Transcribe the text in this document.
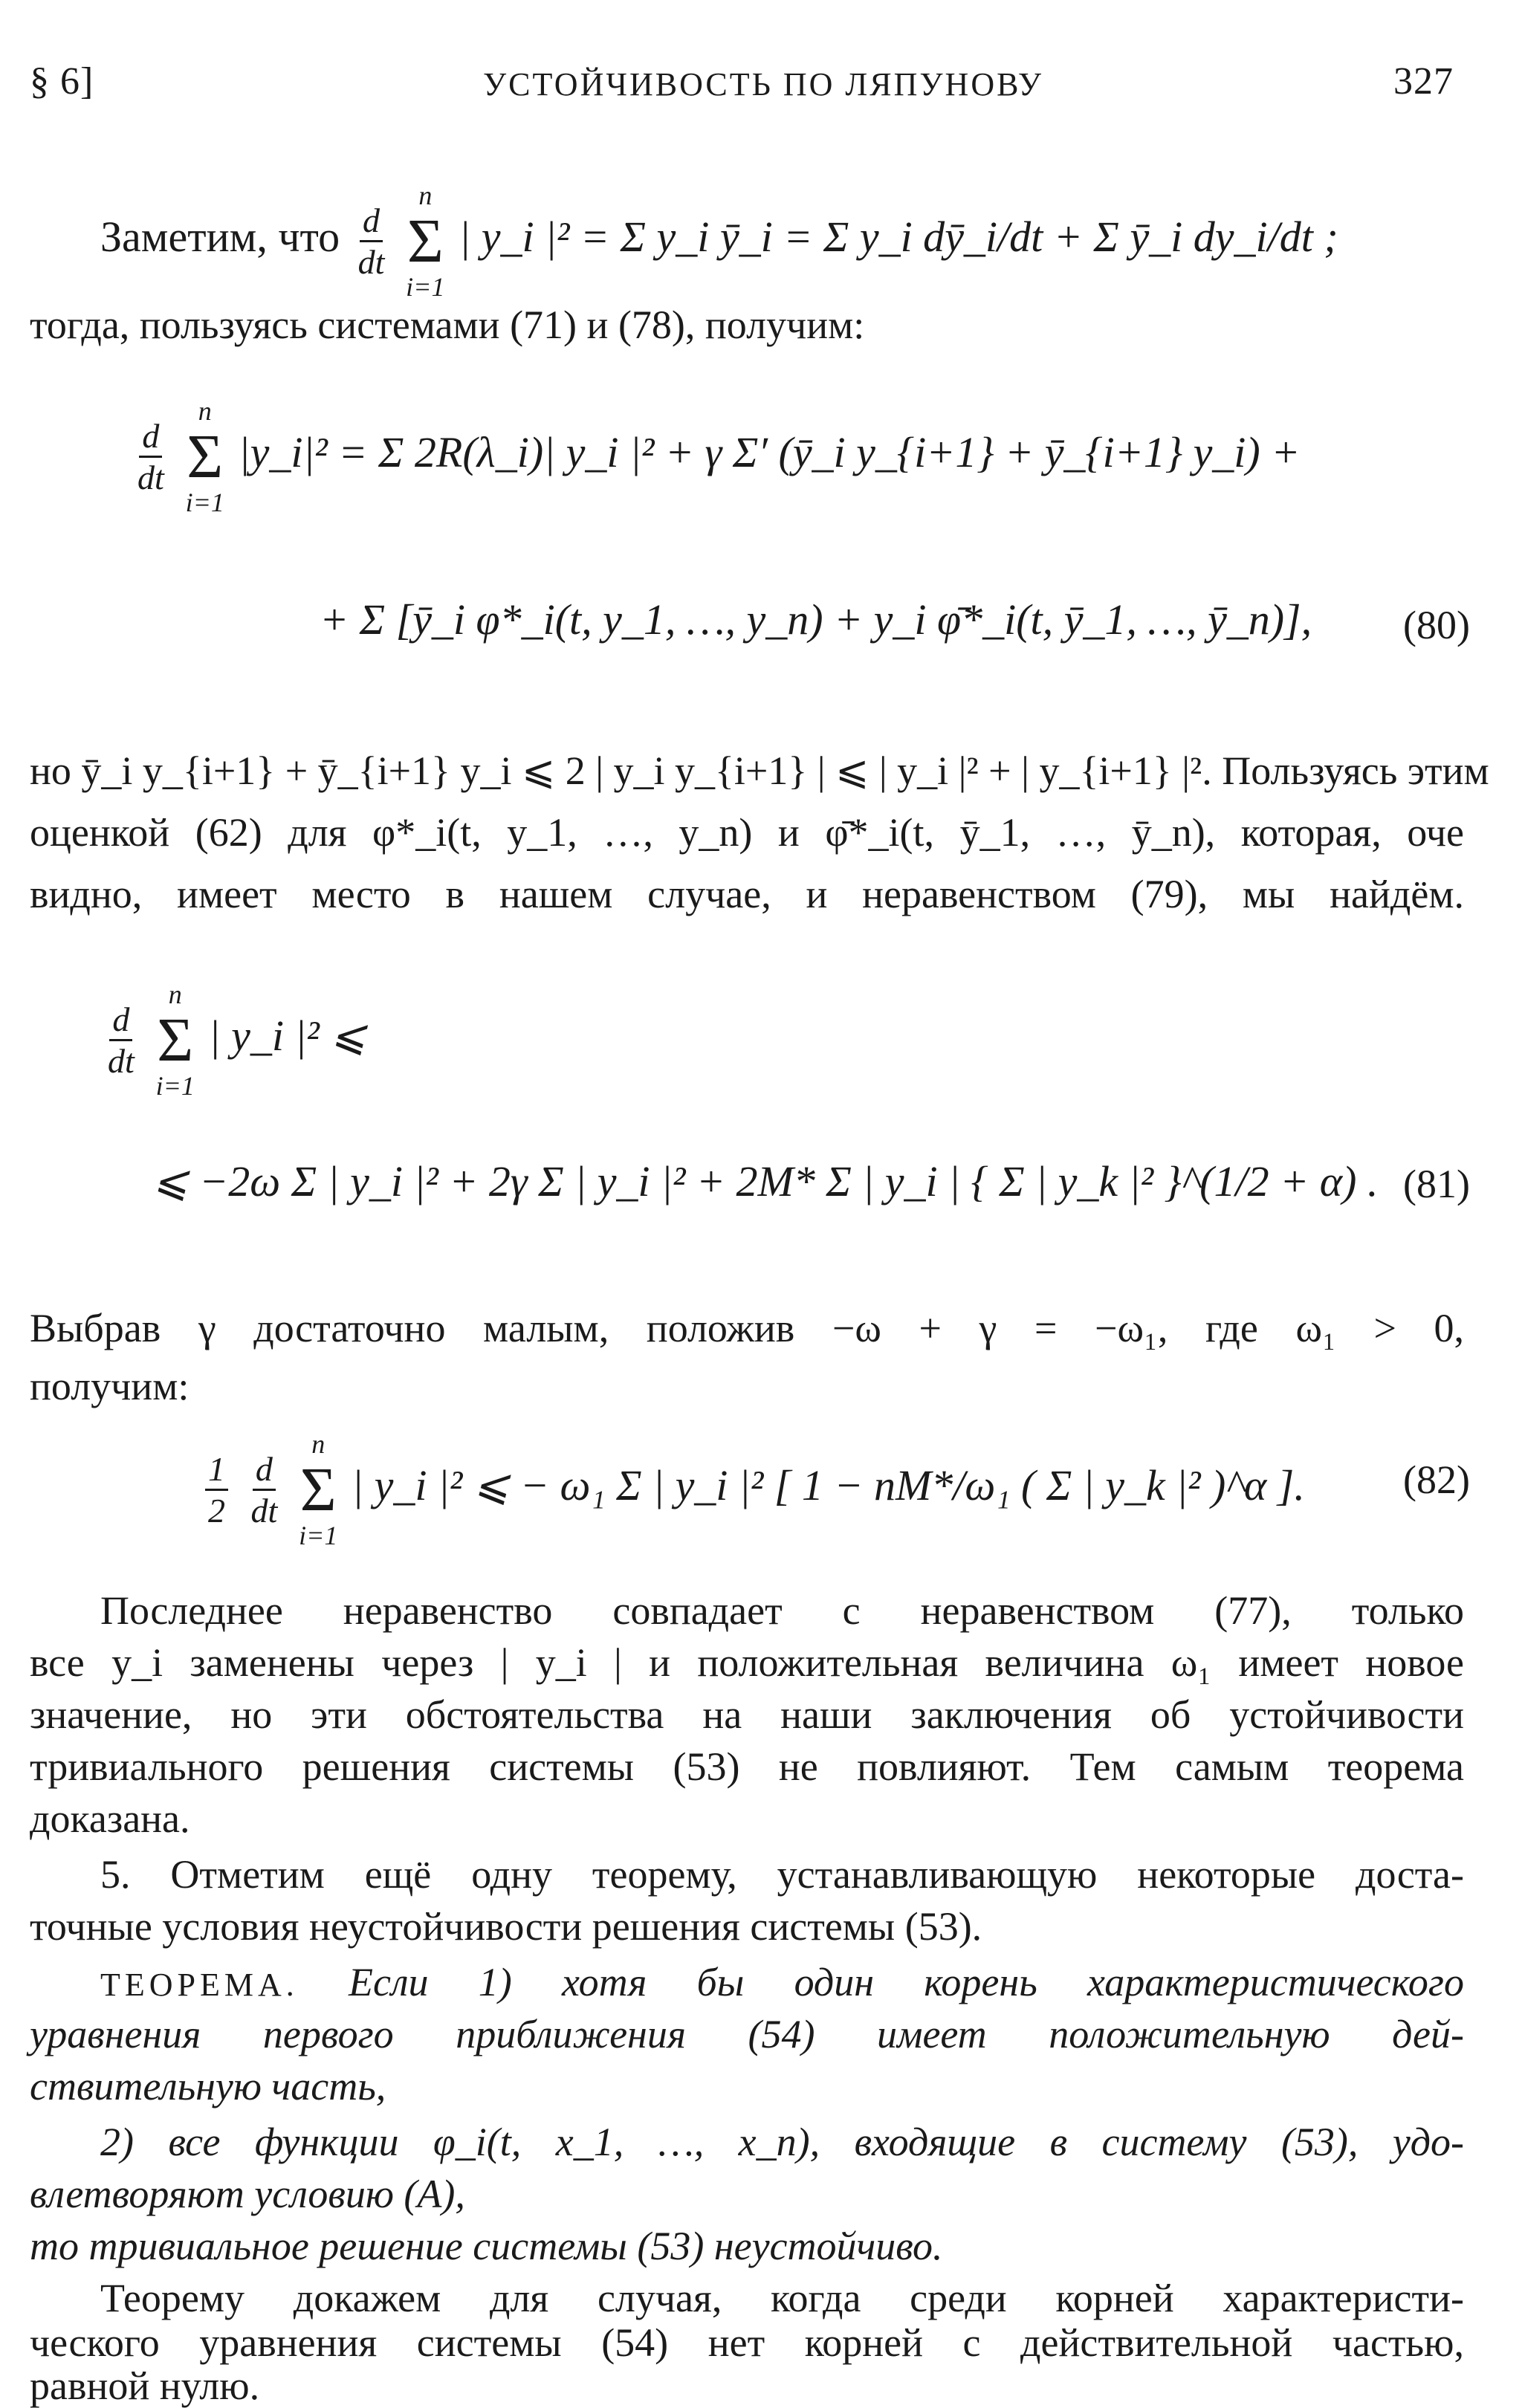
§ 6]	УСТОЙЧИВОСТЬ ПО ЛЯПУНОВУ	327
Заметим, что $\frac{d}{dt}$

n
Σ
i=1
| y_i |² = Σ y_i ȳ_i = Σ y_i dȳ_i/dt + Σ ȳ_i dy_i/dt ;
тогда, пользуясь системами (71) и (78), получим:
$\frac{d}{dt}$

n
Σ
i=1
|y_i|² = Σ 2R(λ_i)| y_i |² + γ Σ′ (ȳ_i y_{i+1} + ȳ_{i+1} y_i) +
+ Σ [ȳ_i φ*_i(t, y_1, …, y_n) + y_i φ̄*_i(t, ȳ_1, …, ȳ_n)], (80)
но ȳ_i y_{i+1} + ȳ_{i+1} y_i ⩽ 2 | y_i y_{i+1} | ⩽ | y_i |² + | y_{i+1} |². Пользуясь этим
оценкой (62) для φ*_i(t, y_1, …, y_n) и φ̄*_i(t, ȳ_1, …, ȳ_n), которая, оче
видно, имеет место в нашем случае, и неравенством (79), мы найдём.
$\frac{d}{dt}$

n
Σ
i=1
| y_i |² ⩽
⩽ −2ω Σ | y_i |² + 2γ Σ | y_i |² + 2M* Σ | y_i | { Σ | y_k |² }^(1/2 + α) . (81)
Выбрав γ достаточно малым, положив −ω + γ = −ω₁, где ω₁ > 0,
получим:
$\frac{1}{2}$
$\frac{d}{dt}$

n
Σ
i=1
| y_i |² ⩽ − ω₁ Σ | y_i |² [ 1 − nM*/ω₁ ( Σ | y_k |² )^α ]. (82)
Последнее неравенство совпадает с неравенством (77), только
все y_i заменены через | y_i | и положительная величина ω₁ имеет новое
значение, но эти обстоятельства на наши заключения об устойчивости
тривиального решения системы (53) не повлияют. Тем самым теорема
доказана.
5. Отметим ещё одну теорему, устанавливающую некоторые доста-
точные условия неустойчивости решения системы (53).
ТЕОРЕМА. Если 1) хотя бы один корень характеристического
уравнения первого приближения (54) имеет положительную дей-
ствительную часть,
2) все функции φ_i(t, x_1, …, x_n), входящие в систему (53), удо-
влетворяют условию (A),
то тривиальное решение системы (53) неустойчиво.
Теорему докажем для случая, когда среди корней характеристи-
ческого уравнения системы (54) нет корней с действительной частью,
равной нулю.
